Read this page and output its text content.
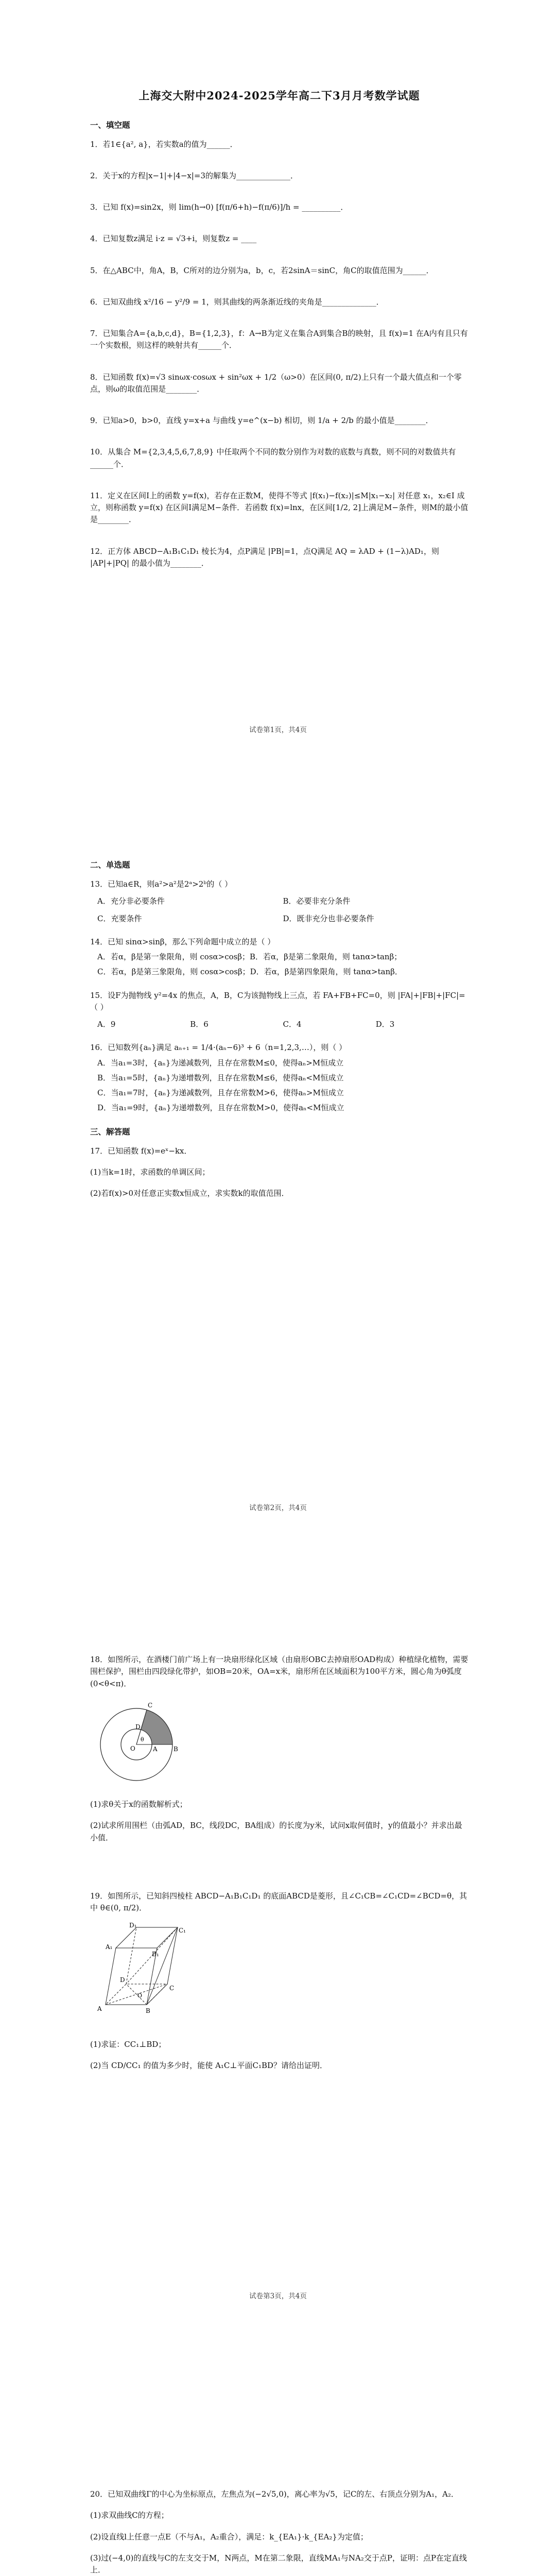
上海交大附中2024-2025学年高二下3月月考数学试题
一、填空题
1．若1∈{a², a}，若实数a的值为______．
2．关于x的方程|x−1|+|4−x|=3的解集为______________．
3．已知 f(x)=sin2x，则 lim(h→0) [f(π/6+h)−f(π/6)]/h = __________．
4．已知复数z满足 i·z = √3+i，则复数z = ____
5．在△ABC中，角A，B，C所对的边分别为a，b，c，若2sinA＝sinC，角C的取值范围为______．
6．已知双曲线 x²/16 − y²/9 = 1，则其曲线的两条渐近线的夹角是______________．
7．已知集合A={a,b,c,d}，B={1,2,3}，f：A→B为定义在集合A到集合B的映射，且 f(x)=1 在A内有且只有一个实数根，则这样的映射共有______个．
8．已知函数 f(x)=√3 sinωx·cosωx + sin²ωx + 1/2（ω>0）在区间(0, π/2)上只有一个最大值点和一个零点，则ω的取值范围是________．
9．已知a>0，b>0，直线 y=x+a 与曲线 y=e^(x−b) 相切，则 1/a + 2/b 的最小值是________．
10．从集合 M={2,3,4,5,6,7,8,9} 中任取两个不同的数分别作为对数的底数与真数，则不同的对数值共有______个．
11．定义在区间I上的函数 y=f(x)，若存在正数M，使得不等式 |f(x₁)−f(x₂)|≤M|x₁−x₂| 对任意 x₁，x₂∈I 成立，则称函数 y=f(x) 在区间I满足M−条件．若函数 f(x)=lnx，在区间[1/2, 2]上满足M−条件，则M的最小值是________．
12．正方体 ABCD−A₁B₁C₁D₁ 棱长为4，点P满足 |PB|=1，点Q满足 AQ = λAD + (1−λ)AD₁，则 |AP|+|PQ| 的最小值为________．
试卷第1页，共4页
二、单选题
13．已知a∈R，则a²>a²是2ᵃ>2ᵇ的（ ）
A．充分非必要条件	B．必要非充分条件
C．充要条件	D．既非充分也非必要条件
14．已知 sinα>sinβ，那么下列命题中成立的是（ ）
A．若α，β是第一象限角，则 cosα>cosβ；B．若α，β是第二象限角，则 tanα>tanβ；
C．若α，β是第三象限角，则 cosα>cosβ；D．若α，β是第四象限角，则 tanα>tanβ．
15．设F为抛物线 y²=4x 的焦点，A，B，C为该抛物线上三点，若 FA+FB+FC=0，则 |FA|+|FB|+|FC|=（ ）
A．9	B．6	C．4	D．3
16．已知数列{aₙ}满足 aₙ₊₁ = 1/4·(aₙ−6)³ + 6（n=1,2,3,…），则（ ）
A．当a₁=3时，{aₙ}为递减数列，且存在常数M≤0，使得aₙ>M恒成立
B．当a₁=5时，{aₙ}为递增数列，且存在常数M≤6，使得aₙ<M恒成立
C．当a₁=7时，{aₙ}为递减数列，且存在常数M>6，使得aₙ>M恒成立
D．当a₁=9时，{aₙ}为递增数列，且存在常数M>0，使得aₙ<M恒成立
三、解答题
17．已知函数 f(x)=eˣ−kx．
(1)当k=1时，求函数的单调区间；
(2)若f(x)>0对任意正实数x恒成立，求实数k的取值范围．
试卷第2页，共4页
18．如图所示，在酒楼门前广场上有一块扇形绿化区域（由扇形OBC去掉扇形OAD构成）种植绿化植物，需要围栏保护，围栏由四段绿化带护，如OB=20米，OA=x米，扇形所在区域面积为100平方米，圆心角为θ弧度(0<θ<π)．
O	A	B
C
D
θ
(1)求θ关于x的函数解析式；
(2)试求所用围栏（由弧AD，BC，线段DC，BA组成）的长度为y米，试问x取何值时，y的值最小？并求出最小值．
19．如图所示，已知斜四棱柱 ABCD−A₁B₁C₁D₁ 的底面ABCD是菱形，且∠C₁CB=∠C₁CD=∠BCD=θ，其中 θ∈(0, π/2)．
A	B
C
D
O
A₁
B₁
C₁
D₁
(1)求证：CC₁⊥BD；
(2)当 CD/CC₁ 的值为多少时，能使 A₁C⊥平面C₁BD？请给出证明．
试卷第3页，共4页
20．已知双曲线Γ的中心为坐标原点，左焦点为(−2√5,0)，离心率为√5，记C的左、右顶点分别为A₁，A₂．
(1)求双曲线C的方程；
(2)设直线l上任意一点E（不与A₁，A₂重合），满足：k_{EA₁}·k_{EA₂}为定值；
(3)过(−4,0)的直线与C的左支交于M，N两点，M在第二象限，直线MA₁与NA₂交于点P，证明：点P在定直线上．
